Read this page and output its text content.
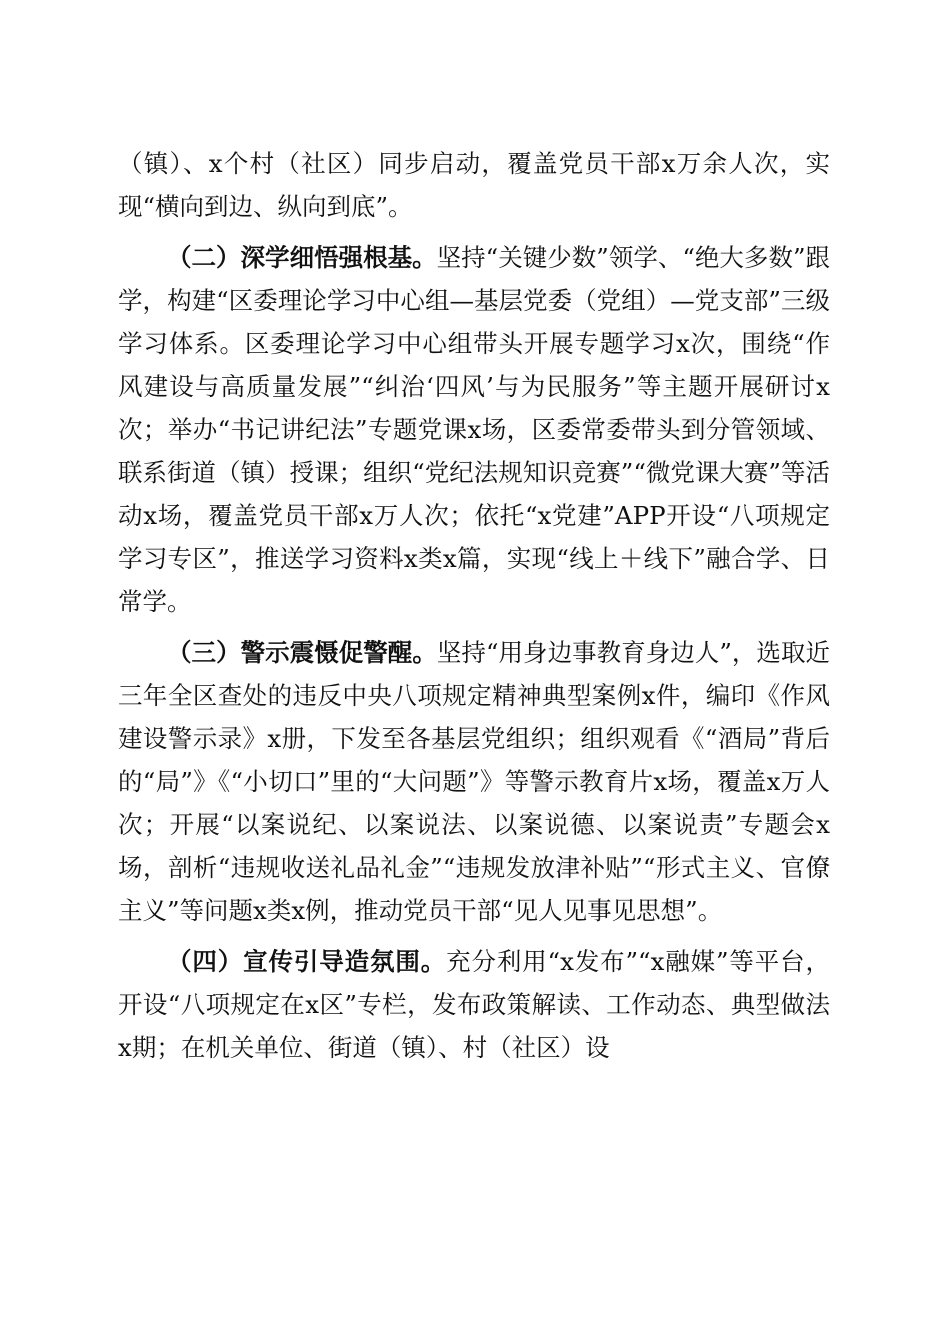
（镇）、x个村（社区）同步启动，覆盖党员干部x万余人次，实现“横向到边、纵向到底”。

（二）深学细悟强根基。坚持“关键少数”领学、“绝大多数”跟学，构建“区委理论学习中心组—基层党委（党组）—党支部”三级学习体系。区委理论学习中心组带头开展专题学习x次，围绕“作风建设与高质量发展”“纠治‘四风’与为民服务”等主题开展研讨x次；举办“书记讲纪法”专题党课x场，区委常委带头到分管领域、联系街道（镇）授课；组织“党纪法规知识竞赛”“微党课大赛”等活动x场，覆盖党员干部x万人次；依托“x党建”APP开设“八项规定学习专区”，推送学习资料x类x篇，实现“线上＋线下”融合学、日常学。

（三）警示震慑促警醒。坚持“用身边事教育身边人”，选取近三年全区查处的违反中央八项规定精神典型案例x件，编印《作风建设警示录》x册，下发至各基层党组织；组织观看《“酒局”背后的“局”》《“小切口”里的“大问题”》等警示教育片x场，覆盖x万人次；开展“以案说纪、以案说法、以案说德、以案说责”专题会x场，剖析“违规收送礼品礼金”“违规发放津补贴”“形式主义、官僚主义”等问题x类x例，推动党员干部“见人见事见思想”。

（四）宣传引导造氛围。充分利用“x发布”“x融媒”等平台，开设“八项规定在x区”专栏，发布政策解读、工作动态、典型做法x期；在机关单位、街道（镇）、村（社区）设
